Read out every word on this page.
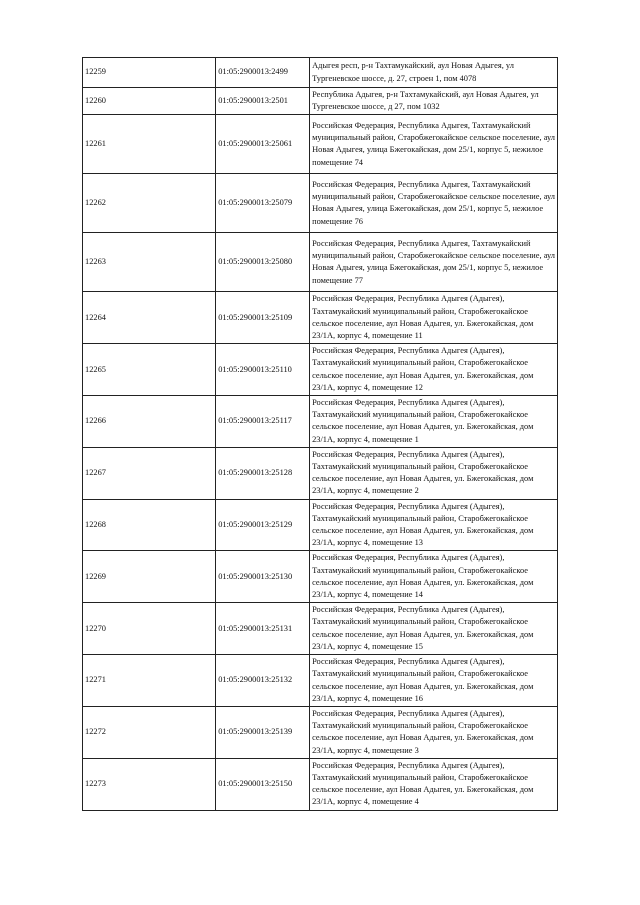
12259	01:05:2900013:2499	Адыгея респ, р-н Тахтамукайский, аул Новая Адыгея, ул Тургеневское шоссе, д. 27, строен 1, пом 4078
12260	01:05:2900013:2501	Республика Адыгея, р-н Тахтамукайский, аул Новая Адыгея, ул Тургеневское шоссе, д 27, пом 1032
12261	01:05:2900013:25061	Российская Федерация, Республика Адыгея, Тахтамукайский муниципальный район, Старобжегокайское сельское поселение, аул Новая Адыгея, улица Бжегокайская, дом 25/1, корпус 5, нежилое помещение 74
12262	01:05:2900013:25079	Российская Федерация, Республика Адыгея, Тахтамукайский муниципальный район, Старобжегокайское сельское поселение, аул Новая Адыгея, улица Бжегокайская, дом 25/1, корпус 5, нежилое помещение 76
12263	01:05:2900013:25080	Российская Федерация, Республика Адыгея, Тахтамукайский муниципальный район, Старобжегокайское сельское поселение, аул Новая Адыгея, улица Бжегокайская, дом 25/1, корпус 5, нежилое помещение 77
12264	01:05:2900013:25109	Российская Федерация, Республика Адыгея (Адыгея), Тахтамукайский муниципальный район, Старобжегокайское сельское поселение, аул Новая Адыгея, ул. Бжегокайская, дом 23/1А, корпус 4, помещение 11
12265	01:05:2900013:25110	Российская Федерация, Республика Адыгея (Адыгея), Тахтамукайский муниципальный район, Старобжегокайское сельское поселение, аул Новая Адыгея, ул. Бжегокайская, дом 23/1А, корпус 4, помещение 12
12266	01:05:2900013:25117	Российская Федерация, Республика Адыгея (Адыгея), Тахтамукайский муниципальный район, Старобжегокайское сельское поселение, аул Новая Адыгея, ул. Бжегокайская, дом 23/1А, корпус 4, помещение 1
12267	01:05:2900013:25128	Российская Федерация, Республика Адыгея (Адыгея), Тахтамукайский муниципальный район, Старобжегокайское сельское поселение, аул Новая Адыгея, ул. Бжегокайская, дом 23/1А, корпус 4, помещение 2
12268	01:05:2900013:25129	Российская Федерация, Республика Адыгея (Адыгея), Тахтамукайский муниципальный район, Старобжегокайское сельское поселение, аул Новая Адыгея, ул. Бжегокайская, дом 23/1А, корпус 4, помещение 13
12269	01:05:2900013:25130	Российская Федерация, Республика Адыгея (Адыгея), Тахтамукайский муниципальный район, Старобжегокайское сельское поселение, аул Новая Адыгея, ул. Бжегокайская, дом 23/1А, корпус 4, помещение 14
12270	01:05:2900013:25131	Российская Федерация, Республика Адыгея (Адыгея), Тахтамукайский муниципальный район, Старобжегокайское сельское поселение, аул Новая Адыгея, ул. Бжегокайская, дом 23/1А, корпус 4, помещение 15
12271	01:05:2900013:25132	Российская Федерация, Республика Адыгея (Адыгея), Тахтамукайский муниципальный район, Старобжегокайское сельское поселение, аул Новая Адыгея, ул. Бжегокайская, дом 23/1А, корпус 4, помещение 16
12272	01:05:2900013:25139	Российская Федерация, Республика Адыгея (Адыгея), Тахтамукайский муниципальный район, Старобжегокайское сельское поселение, аул Новая Адыгея, ул. Бжегокайская, дом 23/1А, корпус 4, помещение 3
12273	01:05:2900013:25150	Российская Федерация, Республика Адыгея (Адыгея), Тахтамукайский муниципальный район, Старобжегокайское сельское поселение, аул Новая Адыгея, ул. Бжегокайская, дом 23/1А, корпус 4, помещение 4
